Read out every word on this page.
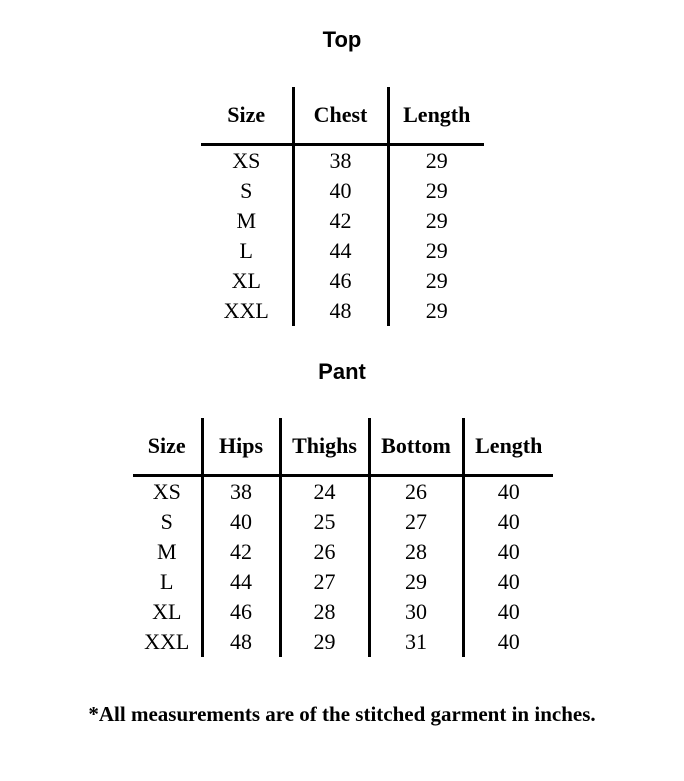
Top
Size	Chest	Length
XS	38	29
S	40	29
M	42	29
L	44	29
XL	46	29
XXL	48	29
Pant
Size	Hips	Thighs	Bottom	Length
XS	38	24	26	40
S	40	25	27	40
M	42	26	28	40
L	44	27	29	40
XL	46	28	30	40
XXL	48	29	31	40

*All measurements are of the stitched garment in inches.
